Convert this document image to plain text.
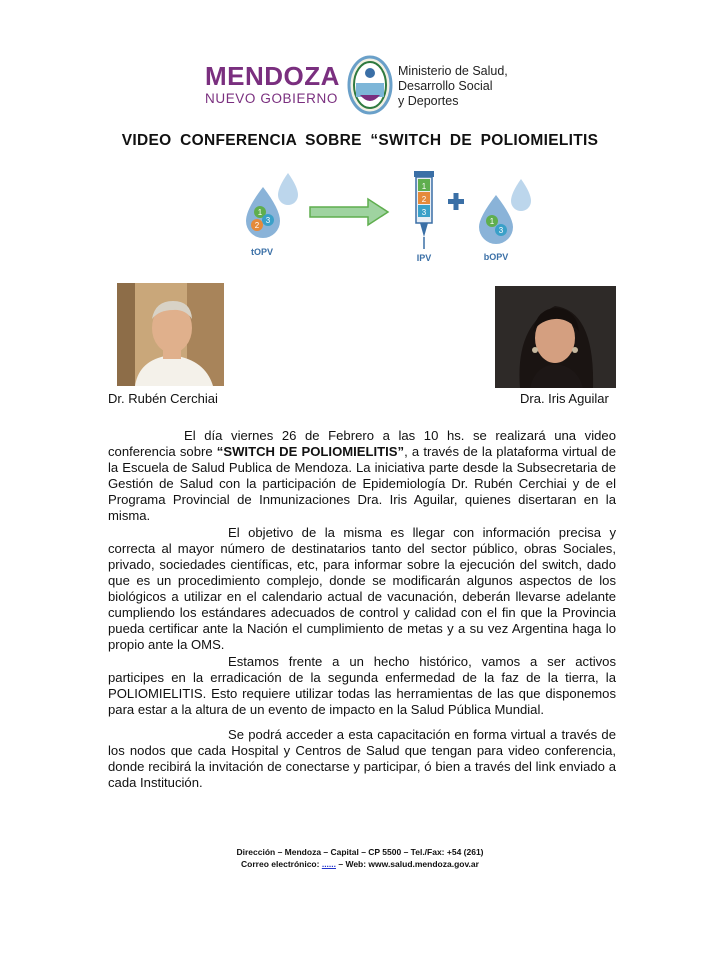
MENDOZA
NUEVO GOBIERNO
Ministerio de Salud,
Desarrollo Social
y Deportes
VIDEO CONFERENCIA SOBRE “SWITCH DE POLIOMIELITIS
1
2
3
tOPV
1
2
3
IPV
1
3
bOPV
Dr. Rubén Cerchiai	Dra. Iris Aguilar

El día viernes 26 de Febrero a las 10 hs. se realizará una video conferencia sobre “SWITCH DE POLIOMIELITIS”, a través de la plataforma virtual de la Escuela de Salud Publica de Mendoza. La iniciativa parte desde la Subsecretaria de Gestión de Salud con la participación de Epidemiología Dr. Rubén Cerchiai y de el Programa Provincial de Inmunizaciones Dra. Iris Aguilar, quienes disertaran en la misma.

El objetivo de la misma es llegar con información precisa y correcta al mayor número de destinatarios tanto del sector público, obras Sociales, privado, sociedades científicas, etc, para informar sobre la ejecución del switch, dado que es un procedimiento complejo, donde se modificarán algunos aspectos de los biológicos a utilizar en el calendario actual de vacunación, deberán llevarse adelante cumpliendo los estándares adecuados de control y calidad con el fin que la Provincia pueda certificar ante la Nación el cumplimiento de metas y a su vez Argentina haga lo propio ante la OMS.

Estamos frente a un hecho histórico, vamos a ser activos participes en la erradicación de la segunda enfermedad de la faz de la tierra, la POLIOMIELITIS. Esto requiere utilizar todas las herramientas de las que disponemos para estar a la altura de un evento de impacto en la Salud Pública Mundial.

Se podrá acceder a esta capacitación en forma virtual a través de los nodos que cada Hospital y Centros de Salud que tengan para video conferencia, donde recibirá la invitación de conectarse y participar, ó bien a través del link enviado a cada Institución.

Dirección – Mendoza – Capital – CP 5500 – Tel./Fax: +54 (261)
Correo electrónico: ...... – Web: www.salud.mendoza.gov.ar
